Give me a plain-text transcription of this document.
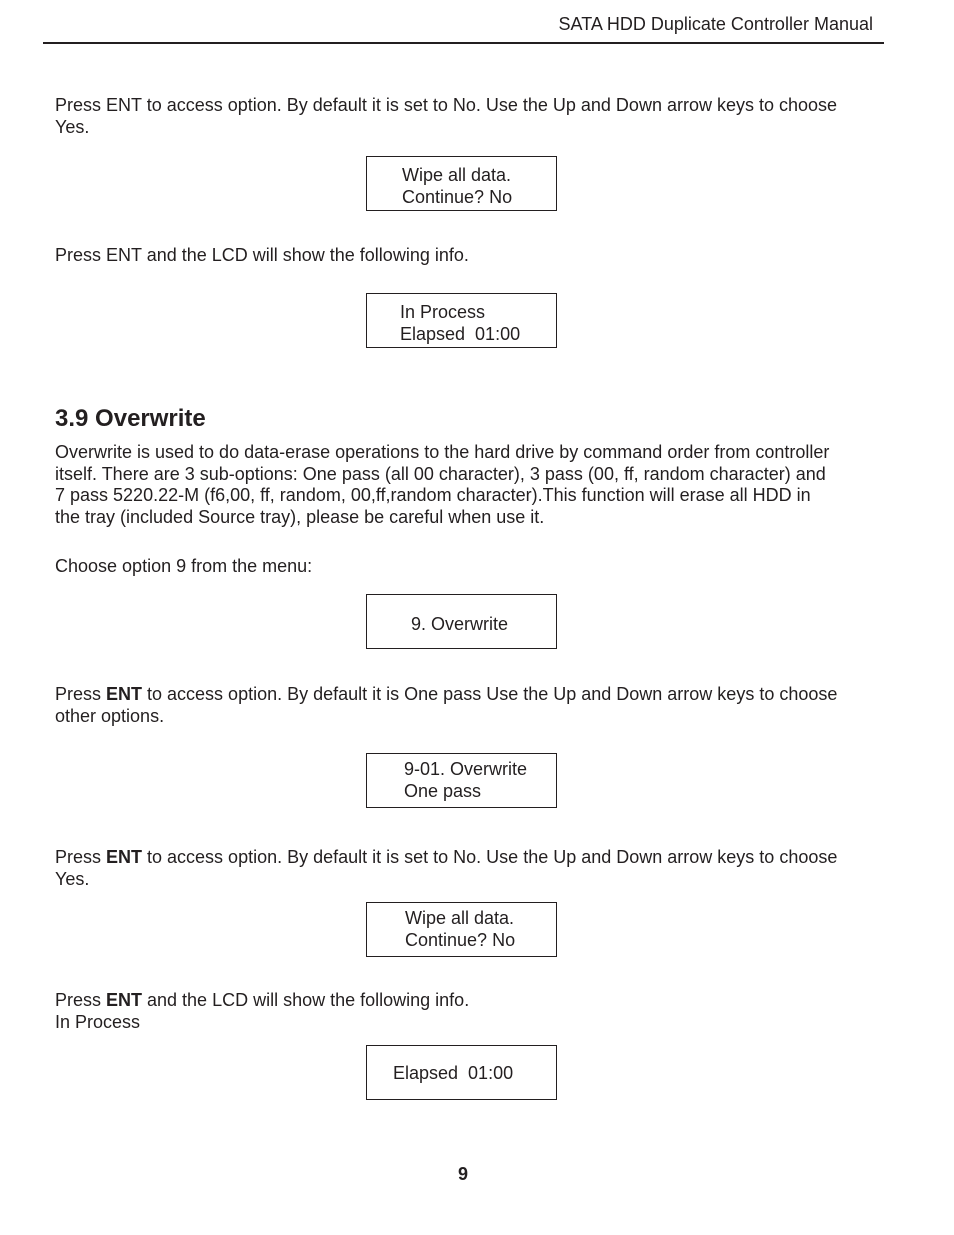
SATA HDD Duplicate Controller Manual

Press ENT to access option. By default it is set to No. Use the Up and Down arrow keys to choose
Yes.

Wipe all data.
Continue? No

Press ENT and the LCD will show the following info.

In Process
Elapsed  01:00
3.9 Overwrite

Overwrite is used to do data-erase operations to the hard drive by command order from controller
itself. There are 3 sub-options: One pass (all 00 character), 3 pass (00, ff, random character) and
7 pass 5220.22-M (f6,00, ff, random, 00,ff,random character).This function will erase all HDD in
the tray (included Source tray), please be careful when use it.

Choose option 9 from the menu:

9. Overwrite

Press ENT to access option. By default it is One pass Use the Up and Down arrow keys to choose
other options.

9-01. Overwrite
One pass

Press ENT to access option. By default it is set to No. Use the Up and Down arrow keys to choose
Yes.

Wipe all data.
Continue? No

Press ENT and the LCD will show the following info.
In Process

Elapsed  01:00
9
